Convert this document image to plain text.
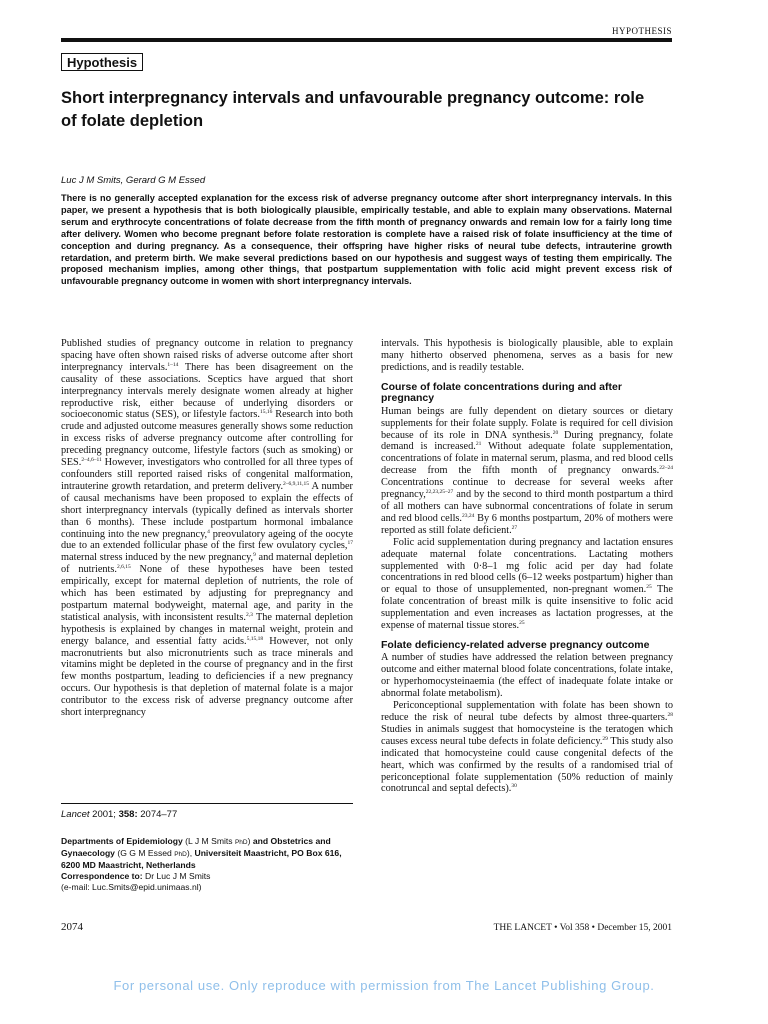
HYPOTHESIS
Hypothesis
Short interpregnancy intervals and unfavourable pregnancy outcome: role of folate depletion
Luc J M Smits, Gerard G M Essed
There is no generally accepted explanation for the excess risk of adverse pregnancy outcome after short interpregnancy intervals. In this paper, we present a hypothesis that is both biologically plausible, empirically testable, and able to explain many observations. Maternal serum and erythrocyte concentrations of folate decrease from the fifth month of pregnancy onwards and remain low for a fairly long time after delivery. Women who become pregnant before folate restoration is complete have a raised risk of folate insufficiency at the time of conception and during pregnancy. As a consequence, their offspring have higher risks of neural tube defects, intrauterine growth retardation, and preterm birth. We make several predictions based on our hypothesis and suggest ways of testing them empirically. The proposed mechanism implies, among other things, that postpartum supplementation with folic acid might prevent excess risk of unfavourable pregnancy outcome in women with short interpregnancy intervals.

Published studies of pregnancy outcome in relation to pregnancy spacing have often shown raised risks of adverse outcome after short interpregnancy intervals.$^{1-14}$ There has been disagreement on the causality of these associations. Sceptics have argued that short interpregnancy intervals merely designate women already at higher reproductive risk, either because of underlying disorders or socioeconomic status (SES), or lifestyle factors.$^{15,16}$ Research into both crude and adjusted outcome measures generally shows some reduction in excess risks of adverse pregnancy outcome after controlling for preceding pregnancy outcome, lifestyle factors (such as smoking) or SES.$^{2-4,6-11}$ However, investigators who controlled for all three types of confounders still reported raised risks of congenital malformation, intrauterine growth retardation, and preterm delivery.$^{2-6,9,11,15}$ A number of causal mechanisms have been proposed to explain the effects of short interpregnancy intervals (typically defined as intervals shorter than 6 months). These include postpartum hormonal imbalance continuing into the new pregnancy,$^4$ preovulatory ageing of the oocyte due to an extended follicular phase of the first few ovulatory cycles,$^{17}$ maternal stress induced by the new pregnancy,$^9$ and maternal depletion of nutrients.$^{2,6,15}$ None of these hypotheses have been tested empirically, except for maternal depletion of nutrients, the role of which has been estimated by adjusting for prepregnancy and postpartum maternal bodyweight, maternal age, and parity in the statistical analysis, with inconsistent results.$^{2,3}$ The maternal depletion hypothesis is explained by changes in maternal weight, protein and energy balance, and essential fatty acids.$^{5,15,18}$ However, not only macronutrients but also micronutrients such as trace minerals and vitamins might be depleted in the course of pregnancy and in the first few months postpartum, leading to deficiencies if a new pregnancy occurs. Our hypothesis is that depletion of maternal folate is a major contributor to the excess risk of adverse pregnancy outcome after short interpregnancy

intervals. This hypothesis is biologically plausible, able to explain many hitherto observed phenomena, serves as a basis for new predictions, and is readily testable.

Course of folate concentrations during and after pregnancy

Human beings are fully dependent on dietary sources or dietary supplements for their folate supply. Folate is required for cell division because of its role in DNA synthesis.$^{20}$ During pregnancy, folate demand is increased.$^{21}$ Without adequate folate supplementation, concentrations of folate in maternal serum, plasma, and red blood cells decrease from the fifth month of pregnancy onwards.$^{22-24}$ Concentrations continue to decrease for several weeks after pregnancy,$^{22,23,25-27}$ and by the second to third month postpartum a third of all mothers can have subnormal concentrations of folate in serum and red blood cells.$^{23,24}$ By 6 months postpartum, 20% of mothers were reported as still folate deficient.$^{27}$

Folic acid supplementation during pregnancy and lactation ensures adequate maternal folate concentrations. Lactating mothers supplemented with 0·8–1 mg folic acid per day had folate concentrations in red blood cells (6–12 weeks postpartum) higher than or equal to those of unsupplemented, non-pregnant women.$^{25}$ The folate concentration of breast milk is quite insensitive to folic acid supplementation and even increases as lactation progresses, at the expense of maternal tissue stores.$^{25}$

Folate deficiency-related adverse pregnancy outcome

A number of studies have addressed the relation between pregnancy outcome and either maternal blood folate concentrations, folate intake, or hyperhomocysteinaemia (the effect of inadequate folate intake or abnormal folate metabolism).

Periconceptional supplementation with folate has been shown to reduce the risk of neural tube defects by almost three-quarters.$^{28}$ Studies in animals suggest that homocysteine is the teratogen which causes excess neural tube defects in folate deficiency.$^{29}$ This study also indicated that homocysteine could cause congenital defects of the heart, which was confirmed by the results of a randomised trial of periconceptional folate supplementation (50% reduction of mainly conotruncal and septal defects).$^{30}$

Lancet 2001; 358: 2074–77
Departments of Epidemiology (L J M Smits PhD) and Obstetrics and Gynaecology (G G M Essed PhD), Universiteit Maastricht, PO Box 616, 6200 MD Maastricht, Netherlands
Correspondence to: Dr Luc J M Smits
(e-mail: Luc.Smits@epid.unimaas.nl)
2074	THE LANCET • Vol 358 • December 15, 2001
For personal use. Only reproduce with permission from The Lancet Publishing Group.
